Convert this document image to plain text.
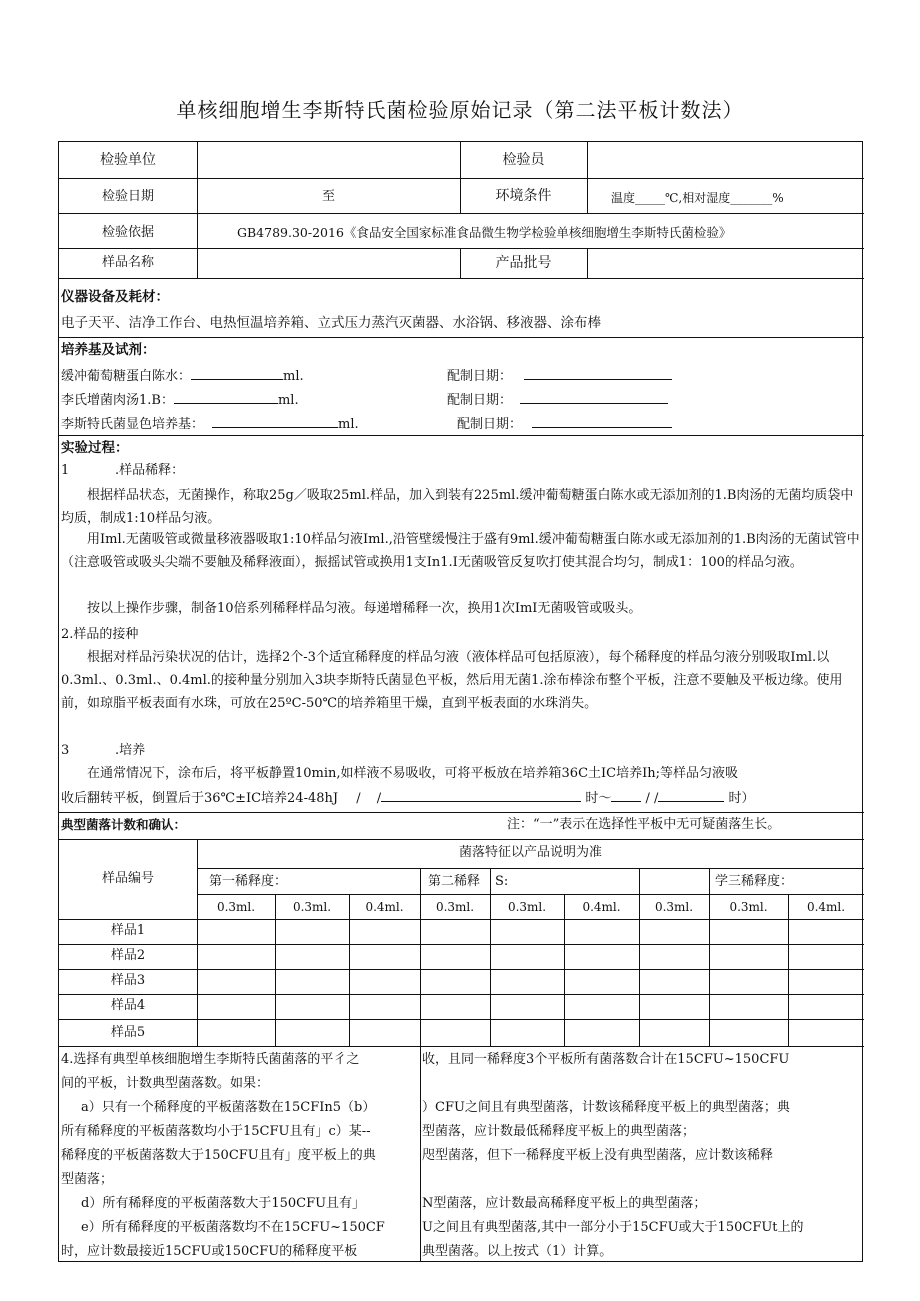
单核细胞增生李斯特氏菌检验原始记录（第二法平板计数法）
检验单位	检验员
检验日期	至	环境条件	温度_____℃,相对湿度_______%
检验依据	GB4789.30-2016《食品安全国家标准食品微生物学检验单核细胞增生李斯特氏菌检验》
样品名称	产品批号
仪器设备及耗材：
电子天平、洁净工作台、电热恒温培养箱、立式压力蒸汽灭菌器、水浴锅、移液器、涂布棒
培养基及试剂：
缓冲葡萄糖蛋白陈水：	ml.	配制日期：
李氏增菌肉汤1.B：	ml.	配制日期：
李斯特氏菌显色培养基：	ml.	配制日期：
实验过程：
1	.样品稀释：
根据样品状态，无菌操作，称取25g／吸取25ml.样品，加入到装有225ml.缓冲葡萄糖蛋白陈水或无添加剂的1.B肉汤的无菌均质袋中均质，制成1:10样品匀液。
用Iml.无菌吸管或微量移液器吸取1:10样品匀液Iml.,沿管壁缓慢注于盛有9ml.缓冲葡萄糖蛋白陈水或无添加剂的1.B肉汤的无菌试管中（注意吸管或吸头尖端不要触及稀释液面），振摇试管或换用1支In1.I无菌吸管反复吹打使其混合均匀，制成1：100的样品匀液。
按以上操作步骤，制备10倍系列稀释样品匀液。每递增稀释一次，换用1次ImI无菌吸管或吸头。
2.样品的接种
根据对样品污染状况的估计，选择2个-3个适宜稀释度的样品匀液（液体样品可包括原液），每个稀释度的样品匀液分别吸取Iml.以0.3ml.、0.3ml.、0.4ml.的接种量分别加入3块李斯特氏菌显色平板，然后用无菌1.涂布棒涂布整个平板，注意不要触及平板边缘。使用前，如琼脂平板表面有水珠，可放在25ºC-50℃的培养箱里干燥，直到平板表面的水珠消失。
3	.培养
在通常情况下，涂布后，将平板静置10min,如样液不易吸收，可将平板放在培养箱36C土IC培养Ih;等样品匀液吸
收后翻转平板，倒置后于36℃±IC培养24-48hJ / /	时～	/ /	时）
典型菌落计数和确认：	注：“一”表示在选择性平板中无可疑菌落生长。
样品编号
菌落特征以产品说明为准
第一稀释度：	第二稀释 S:	学三稀释度：
0.3ml.	0.3ml.	0.4ml.	0.3ml.	0.3ml.	0.4ml.	0.3ml.	0.3ml.	0.4ml.
样品1
样品2
样品3
样品4
样品5
4.选择有典型单核细胞增生李斯特氏菌菌落的平彳之
间的平板，计数典型菌落数。如果：
a）只有一个稀释度的平板菌落数在15CFIn5（b）
所有稀释度的平板菌落数均小于15CFU且有」c）某--
稀释度的平板菌落数大于150CFU且有」度平板上的典
型菌落；
d）所有稀释度的平板菌落数大于150CFU且有」
e）所有稀释度的平板菌落数均不在15CFU~150CF
时，应计数最接近15CFU或150CFU的稀释度平板
收，且同一稀释度3个平板所有菌落数合计在15CFU~150CFU
）CFU之间且有典型菌落，计数该稀释度平板上的典型菌落；典
型菌落，应计数最低稀释度平板上的典型菌落；
咫型菌落，但下一稀释度平板上没有典型菌落，应计数该稀释
N型菌落，应计数最高稀释度平板上的典型菌落；
U之间且有典型菌落,其中一部分小于15CFU或大于150CFUt上的
典型菌落。以上按式（1）计算。
